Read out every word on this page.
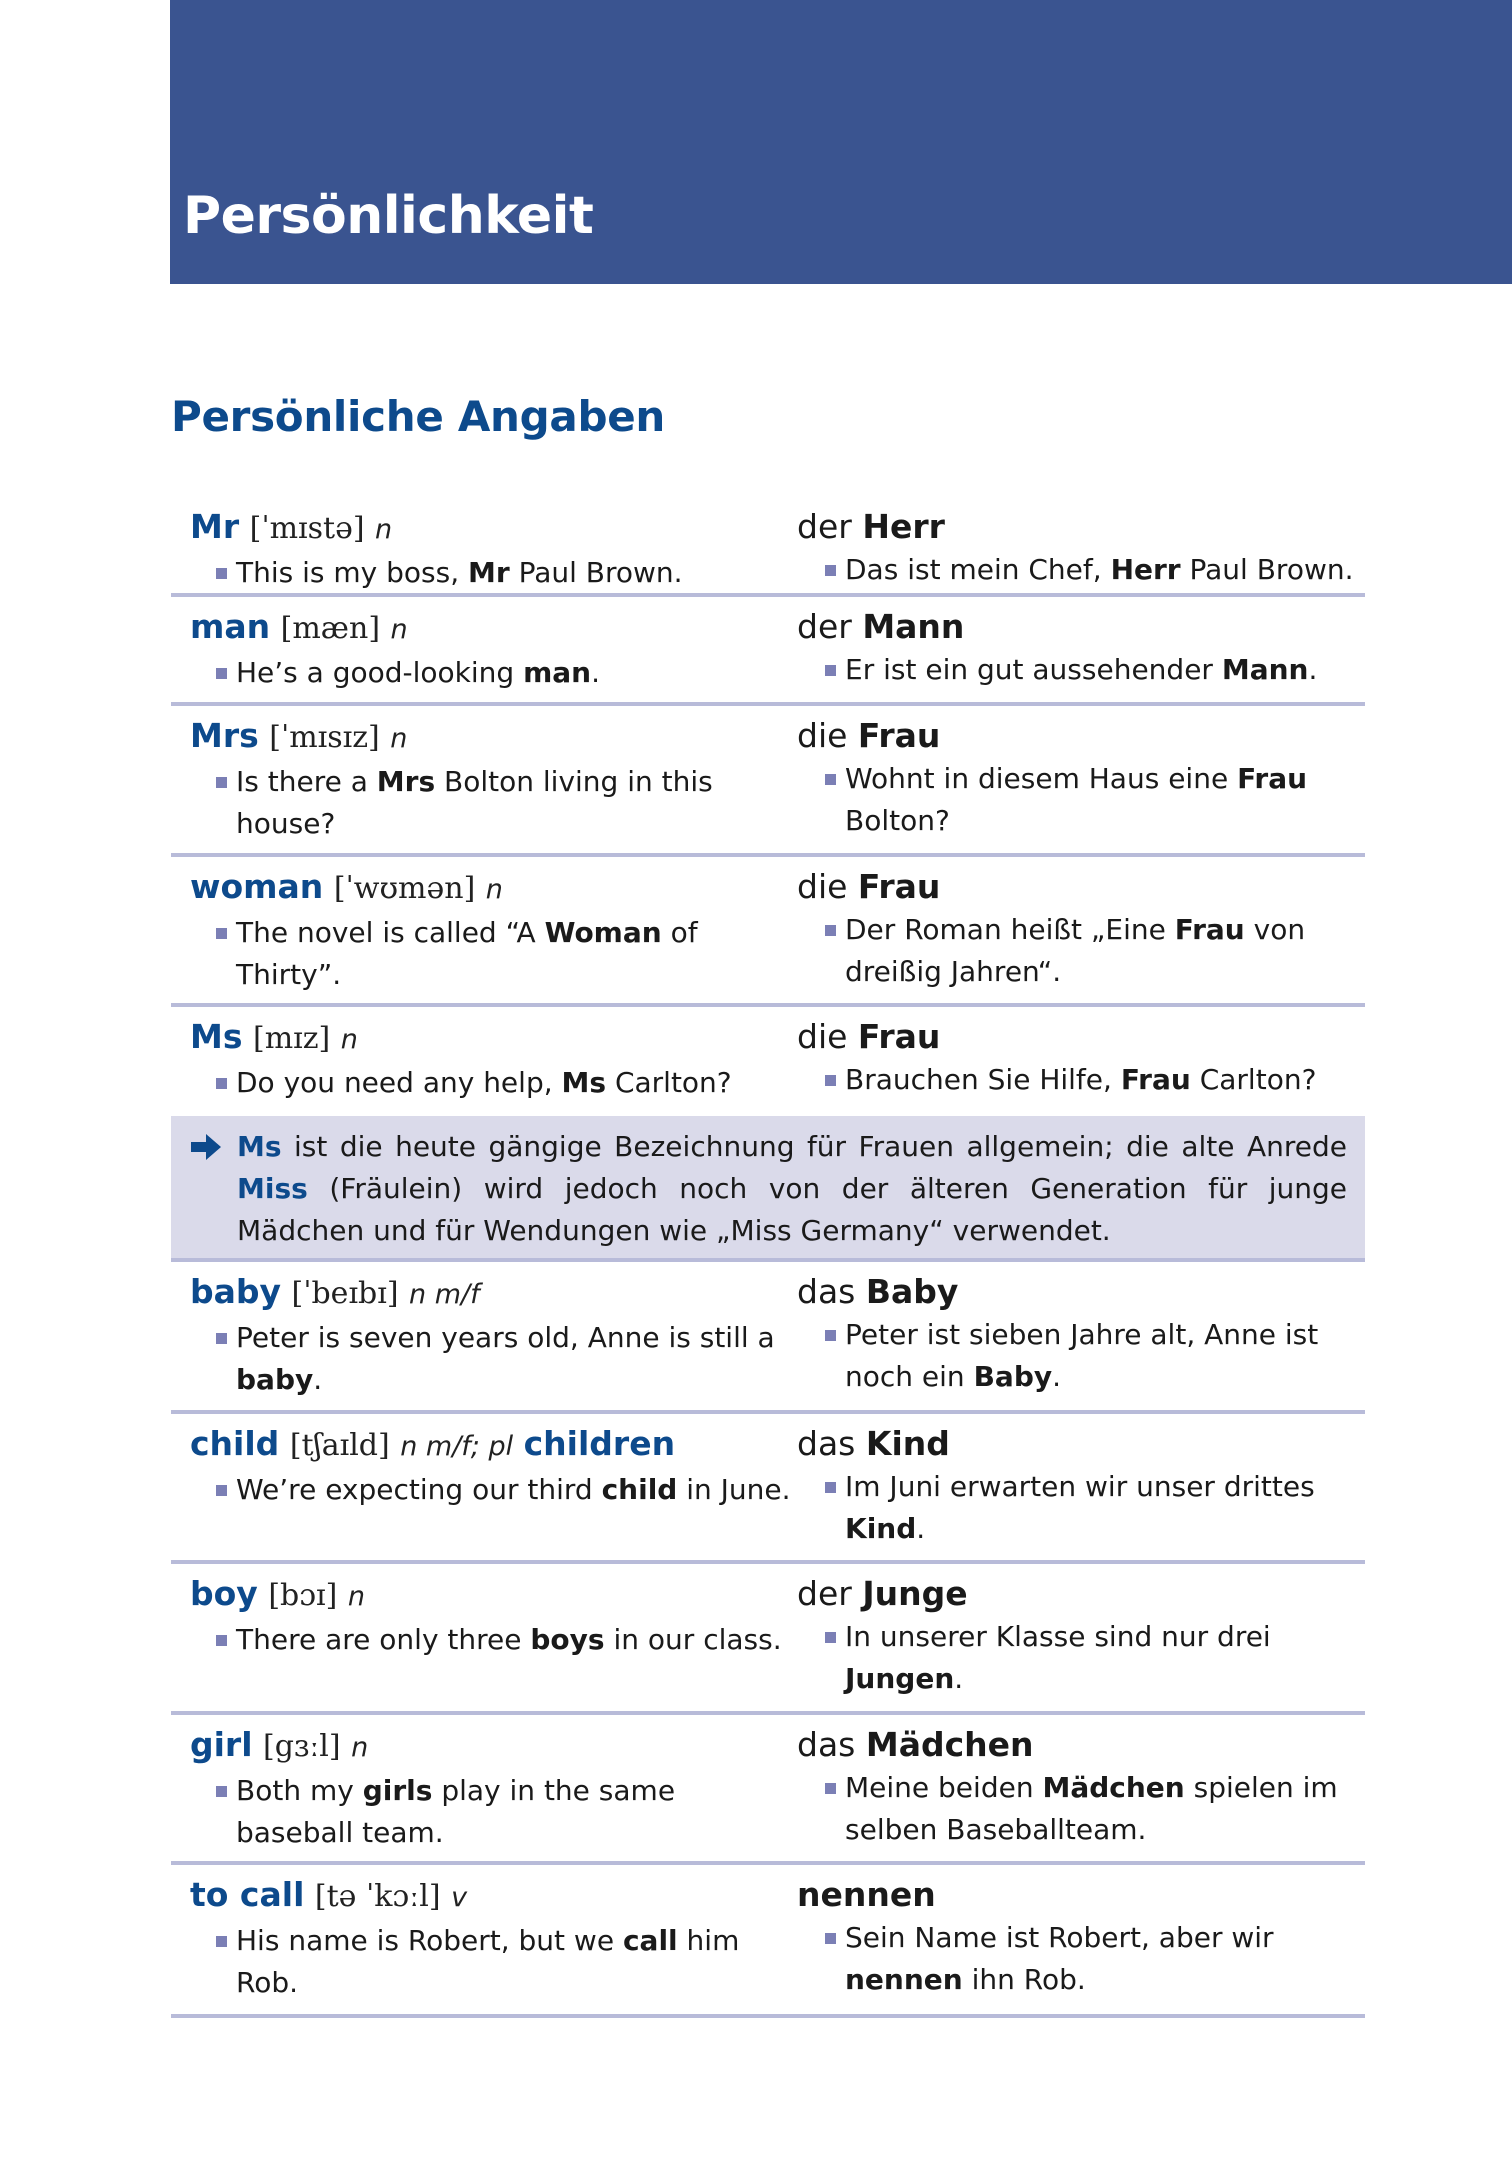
Persönlichkeit
Persönliche Angaben
Mr [ˈmɪstə] n
This is my boss, Mr Paul Brown.
der Herr
Das ist mein Chef, Herr Paul Brown.
man [mæn] n
He’s a good-looking man.
der Mann
Er ist ein gut aussehender Mann.
Mrs [ˈmɪsɪz] n
Is there a Mrs Bolton living in this house?
die Frau
Wohnt in diesem Haus eine Frau Bolton?
woman [ˈwʊmən] n
The novel is called “A Woman of Thirty”.
die Frau
Der Roman heißt „Eine Frau von dreißig Jahren“.
Ms [mɪz] n
Do you need any help, Ms Carlton?
die Frau
Brauchen Sie Hilfe, Frau Carlton?
Ms ist die heute gängige Bezeichnung für Frauen allgemein; die alte Anrede Miss (Fräulein) wird jedoch noch von der älteren Generation für junge Mädchen und für Wendungen wie „Miss Germany“ verwendet.
baby [ˈbeɪbɪ] n m/f
Peter is seven years old, Anne is still a baby.
das Baby
Peter ist sieben Jahre alt, Anne ist noch ein Baby.
child [tʃaɪld] n m/f; pl children
We’re expecting our third child in June.
das Kind
Im Juni erwarten wir unser drittes Kind.
boy [bɔɪ] n
There are only three boys in our class.
der Junge
In unserer Klasse sind nur drei Jungen.
girl [gɜːl] n
Both my girls play in the same baseball team.
das Mädchen
Meine beiden Mädchen spielen im selben Baseballteam.
to call [tə ˈkɔːl] v
His name is Robert, but we call him Rob.
nennen
Sein Name ist Robert, aber wir nennen ihn Rob.
